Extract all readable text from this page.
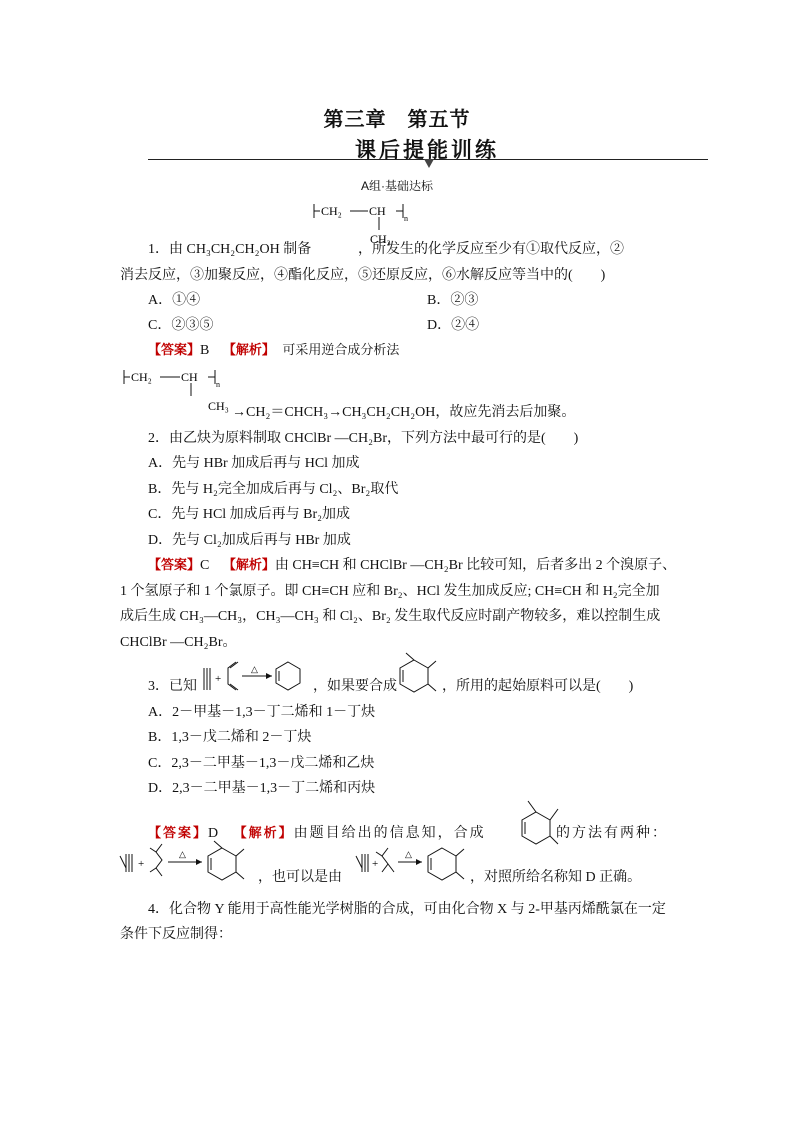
第三章　第五节
课后提能训练
A组·基础达标
CH₂ CH
n
CH₃
1．由 CH₃CH₂CH₂OH 制备	，所发生的化学反应至少有①取代反应，②
消去反应，③加聚反应，④酯化反应，⑤还原反应，⑥水解反应等当中的(　　)
A．①④	B．②③
C．②③⑤	D．②④
【答案】B 【解析】 可采用逆合成分析法
CH₂ CH
n
CH₃ →CH₂＝CHCH₃→CH₃CH₂CH₂OH，故应先消去后加聚。
2．由乙炔为原料制取 CHClBr —CH₂Br，下列方法中最可行的是(　　)
A．先与 HBr 加成后再与 HCl 加成
B．先与 H₂完全加成后再与 Cl₂、Br₂取代
C．先与 HCl 加成后再与 Br₂加成
D．先与 Cl₂加成后再与 HBr 加成
【答案】C 【解析】由 CH≡CH 和 CHClBr —CH₂Br 比较可知，后者多出 2 个溴原子、
1 个氢原子和 1 个氯原子。即 CH≡CH 应和 Br₂、HCl 发生加成反应; CH≡CH 和 H₂完全加
成后生成 CH₃—CH₃，CH₃—CH₃ 和 Cl₂、Br₂ 发生取代反应时副产物较多，难以控制生成
CHClBr —CH₂Br。
3．已知 +
△
，如果要合成	，所用的起始原料可以是(　　)
A．2－甲基－1,3－丁二烯和 1－丁炔
B．1,3－戊二烯和 2－丁炔
C．2,3－二甲基－1,3－戊二烯和乙炔
D．2,3－二甲基－1,3－丁二烯和丙炔
【答案】D 【解析】由题目给出的信息知，合成	的方法有两种：
+
△
，也可以是由
+
△
，对照所给名称知 D 正确。
4．化合物 Y 能用于高性能光学树脂的合成，可由化合物 X 与 2-甲基丙烯酰氯在一定
条件下反应制得：
